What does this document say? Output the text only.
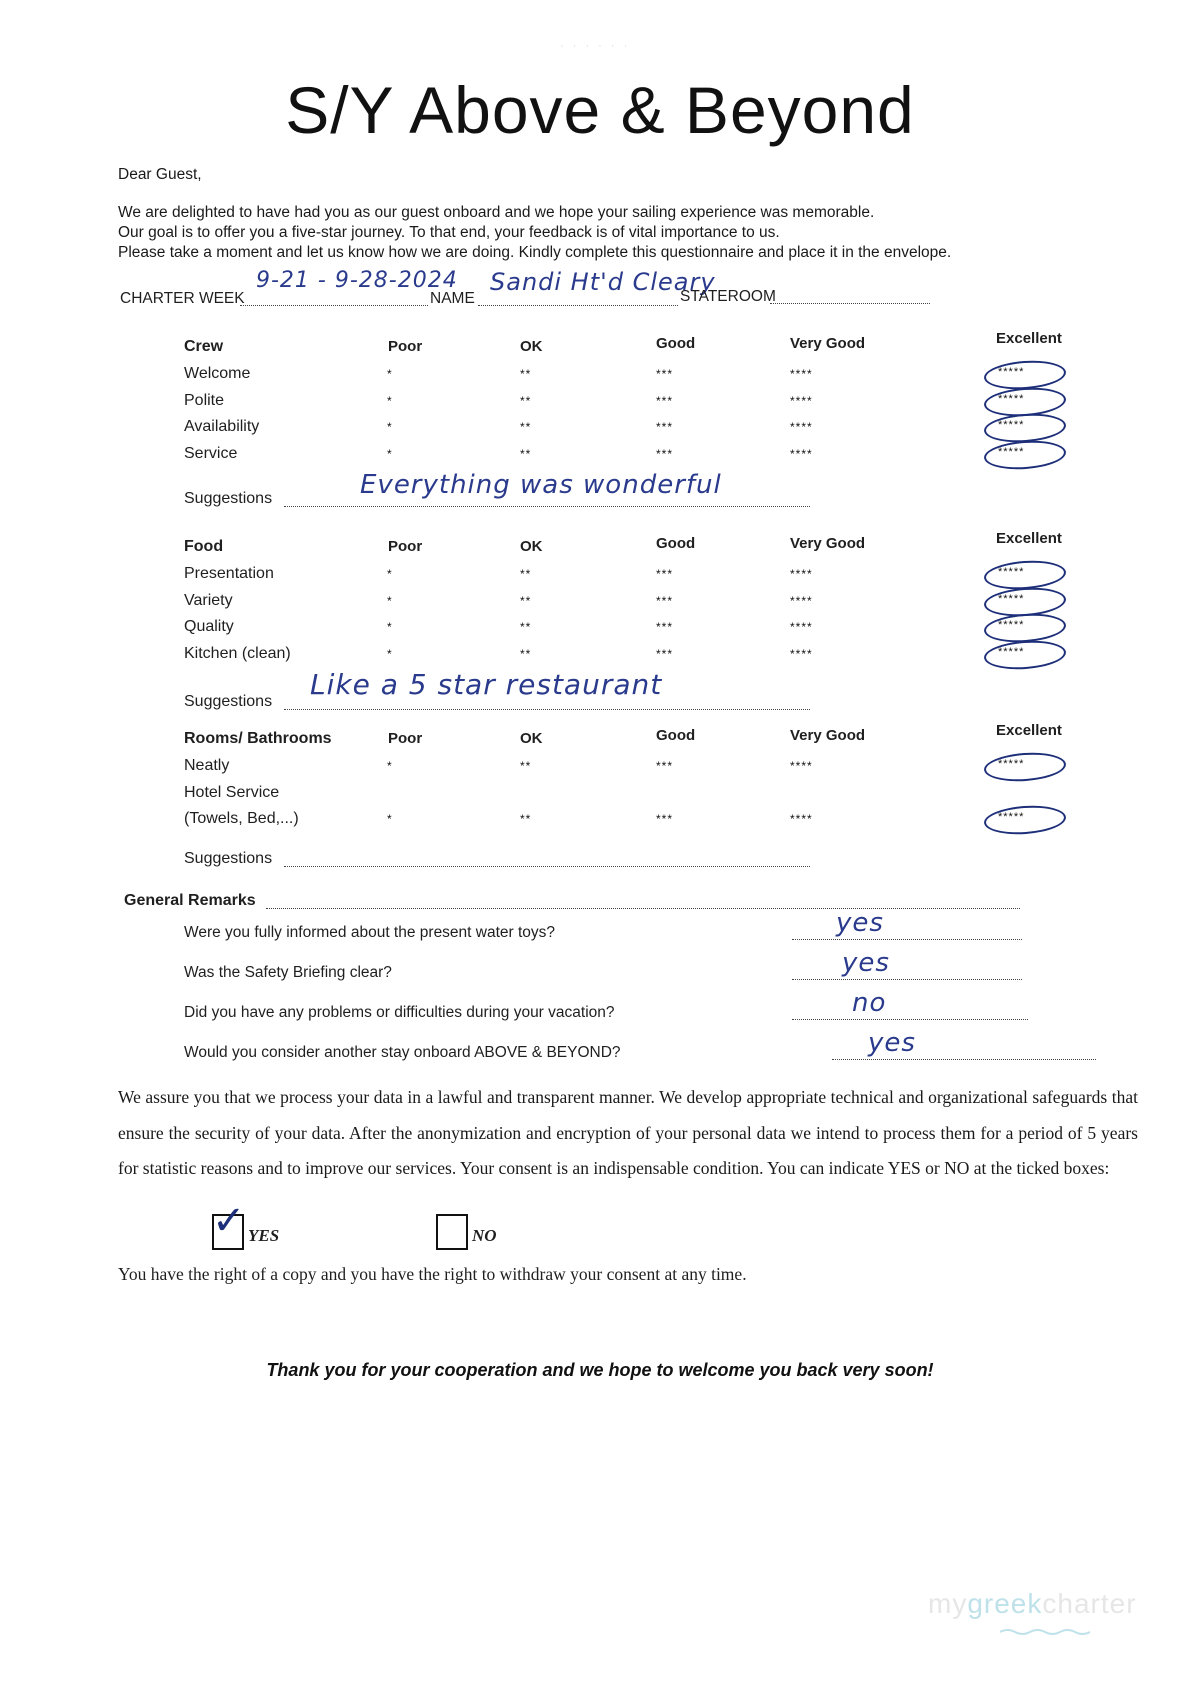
· · · · · ·
S/Y Above & Beyond
Dear Guest,
We are delighted to have had you as our guest onboard and we hope your sailing experience was memorable.
Our goal is to offer you a five-star journey. To that end, your feedback is of vital importance to us.
Please take a moment and let us know how we are doing. Kindly complete this questionnaire and place it in the envelope.
CHARTER WEEK
9-21 - 9-28-2024
NAME
Sandi Ht'd Cleary
STATEROOM
Crew	Poor	OK	Good	Very Good	Excellent
Welcome	*	**	***	****	*****
Polite	*	**	***	****	*****
Availability	*	**	***	****	*****
Service	*	**	***	****	*****
Suggestions	Everything was wonderful
Food	Poor	OK	Good	Very Good	Excellent
Presentation	*	**	***	****	*****
Variety	*	**	***	****	*****
Quality	*	**	***	****	*****
Kitchen (clean)	*	**	***	****	*****
Suggestions
Like a 5 star restaurant
Rooms/ Bathrooms	Poor	OK	Good	Very Good	Excellent
Neatly	*	**	***	****	*****
Hotel Service
(Towels, Bed,...)	*	**	***	****	*****
Suggestions
General Remarks
Were you fully informed about the present water toys?	yes
Was the Safety Briefing clear?	yes
Did you have any problems or difficulties during your vacation?	no
Would you consider another stay onboard ABOVE & BEYOND?	yes
We assure you that we process your data in a lawful and transparent manner. We develop appropriate technical and organizational safeguards that ensure the security of your data. After the anonymization and encryption of your personal data we intend to process them for a period of 5 years for statistic reasons and to improve our services. Your consent is an indispensable condition. You can indicate YES or NO at the ticked boxes:
✓ YES	NO
You have the right of a copy and you have the right to withdraw your consent at any time.
Thank you for your cooperation and we hope to welcome you back very soon!
mygreekcharter
